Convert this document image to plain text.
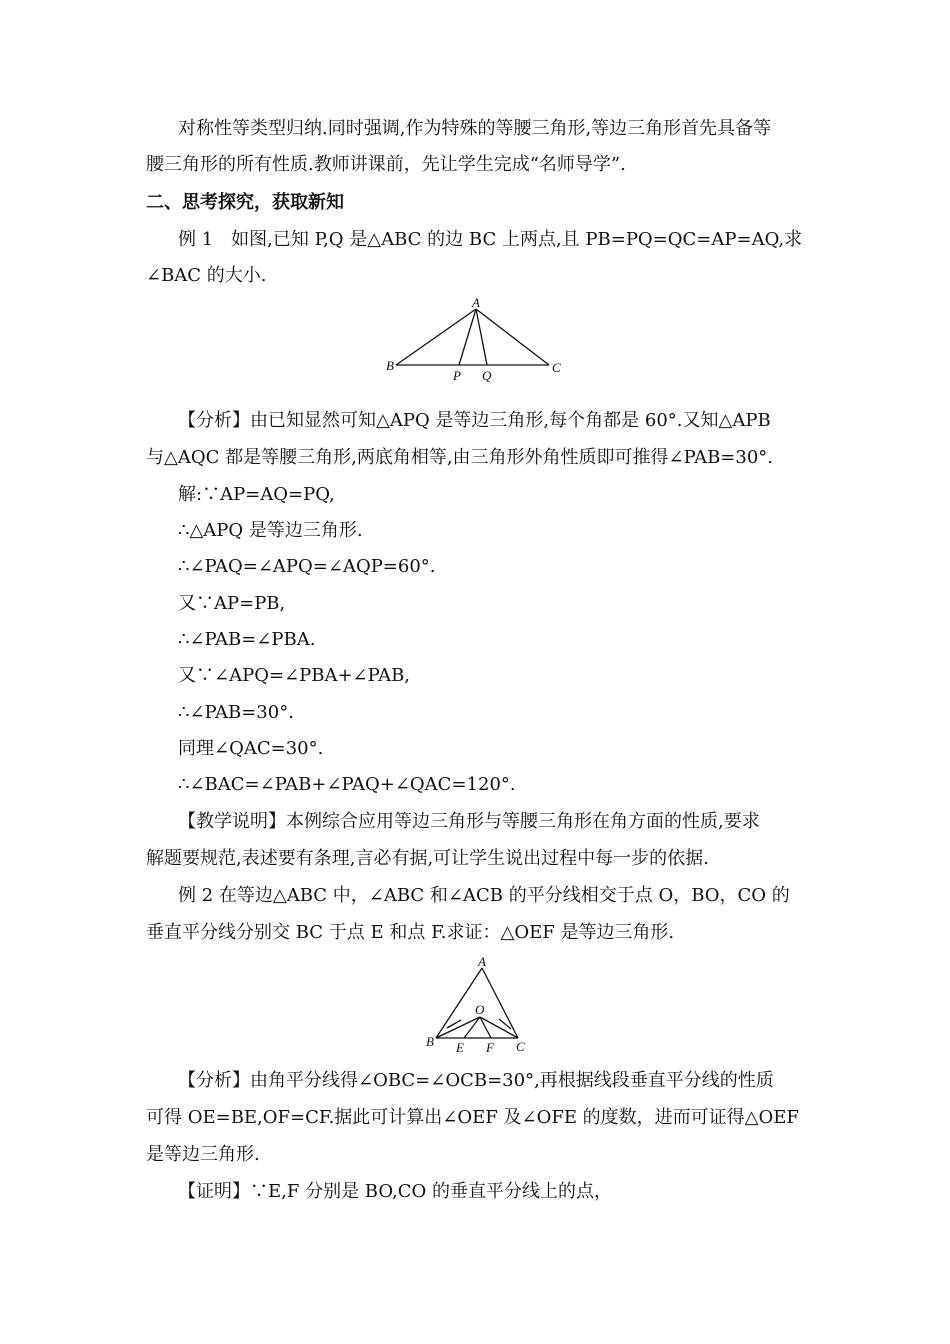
对称性等类型归纳.同时强调,作为特殊的等腰三角形,等边三角形首先具备等
腰三角形的所有性质.教师讲课前，先让学生完成“名师导学”.
二、思考探究，获取新知
例 1　如图,已知 P,Q 是△ABC 的边 BC 上两点,且 PB=PQ=QC=AP=AQ,求
∠BAC 的大小.
A
B	C
P Q
【分析】由已知显然可知△APQ 是等边三角形,每个角都是 60°.又知△APB
与△AQC 都是等腰三角形,两底角相等,由三角形外角性质即可推得∠PAB=30°.
解:∵AP=AQ=PQ,
∴△APQ 是等边三角形.
∴∠PAQ=∠APQ=∠AQP=60°.
又∵AP=PB,
∴∠PAB=∠PBA.
又∵∠APQ=∠PBA+∠PAB,
∴∠PAB=30°.
同理∠QAC=30°.
∴∠BAC=∠PAB+∠PAQ+∠QAC=120°.
【教学说明】本例综合应用等边三角形与等腰三角形在角方面的性质,要求
解题要规范,表述要有条理,言必有据,可让学生说出过程中每一步的依据.
例 2 在等边△ABC 中，∠ABC 和∠ACB 的平分线相交于点 O，BO，CO 的
垂直平分线分别交 BC 于点 E 和点 F.求证：△OEF 是等边三角形.
A
B	C
O
E F
【分析】由角平分线得∠OBC=∠OCB=30°,再根据线段垂直平分线的性质
可得 OE=BE,OF=CF.据此可计算出∠OEF 及∠OFE 的度数，进而可证得△OEF
是等边三角形.
【证明】∵E,F 分别是 BO,CO 的垂直平分线上的点，
